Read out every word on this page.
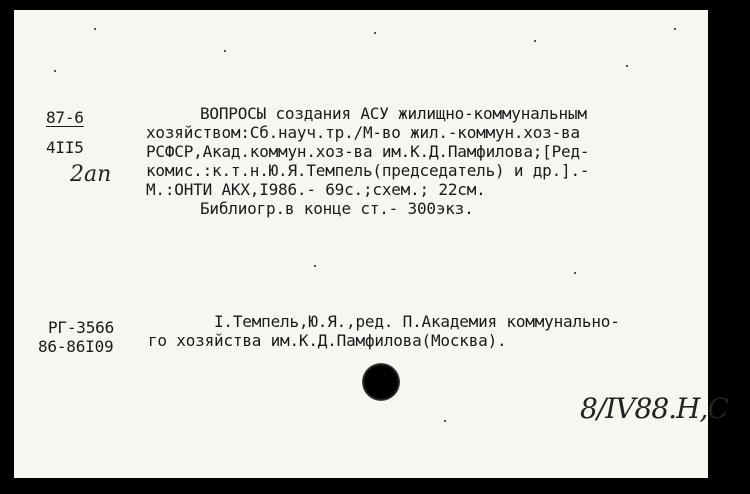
87-6
4II5
2ап
ВОПРОСЫ создания АСУ жилищно-коммунальным
хозяйством:Сб.науч.тр./М-во жил.-коммун.хоз-ва
РСФСР,Акад.коммун.хоз-ва им.К.Д.Памфилова;[Ред-
комис.:к.т.н.Ю.Я.Темпель(председатель) и др.].-
М.:ОНТИ АКХ,I986.- 69с.;схем.; 22см.
Библиогр.в конце ст.- 300экз.
РГ-3566
86-86I09
I.Темпель,Ю.Я.,ред. П.Академия коммунально-
го хозяйства им.К.Д.Памфилова(Москва).
8/IV88.Н,С
